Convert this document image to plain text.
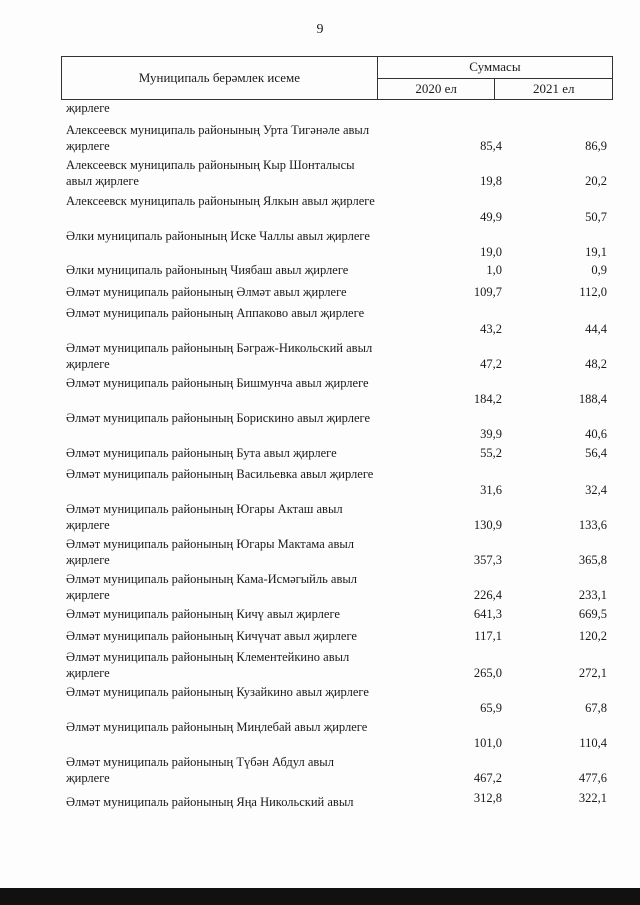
9
Муниципаль берәмлек исеме	Суммасы	
	2020 ел	2021 ел
җирлеге
Алексеевск муниципаль районының Урта Тигәнәле авыл җирлеге	85,4	86,9
Алексеевск муниципаль районының Кыр Шонталысы авыл җирлеге	19,8	20,2
Алексеевск муниципаль районының Ялкын авыл җирлеге
49,9	50,7
Әлки муниципаль районының Иске Чаллы авыл җирлеге
19,0	19,1
Әлки муниципаль районының Чиябаш авыл җирлеге	1,0	0,9
Әлмәт муниципаль районының Әлмәт авыл җирлеге	109,7	112,0
Әлмәт муниципаль районының Аппаково авыл җирлеге
43,2	44,4
Әлмәт муниципаль районының Бәграж-Никольский авыл җирлеге	47,2	48,2
Әлмәт муниципаль районының Бишмунча авыл җирлеге
184,2	188,4
Әлмәт муниципаль районының Борискино авыл җирлеге
39,9	40,6
Әлмәт муниципаль районының Бута авыл җирлеге	55,2	56,4
Әлмәт муниципаль районының Васильевка авыл җирлеге
31,6	32,4
Әлмәт муниципаль районының Югары Акташ авыл җирлеге	130,9	133,6
Әлмәт муниципаль районының Югары Мактама авыл җирлеге	357,3	365,8
Әлмәт муниципаль районының Кама-Исмәгыйль авыл җирлеге	226,4	233,1
Әлмәт муниципаль районының Кичү авыл җирлеге	641,3	669,5
Әлмәт муниципаль районының Кичүчат авыл җирлеге	117,1	120,2
Әлмәт муниципаль районының Клементейкино авыл җирлеге	265,0	272,1
Әлмәт муниципаль районының Кузайкино авыл җирлеге
65,9	67,8
Әлмәт муниципаль районының Миңлебай авыл җирлеге
101,0	110,4
Әлмәт муниципаль районының Түбән Абдул авыл җирлеге	467,2	477,6
Әлмәт муниципаль районының Яңа Никольский авыл	312,8	322,1
